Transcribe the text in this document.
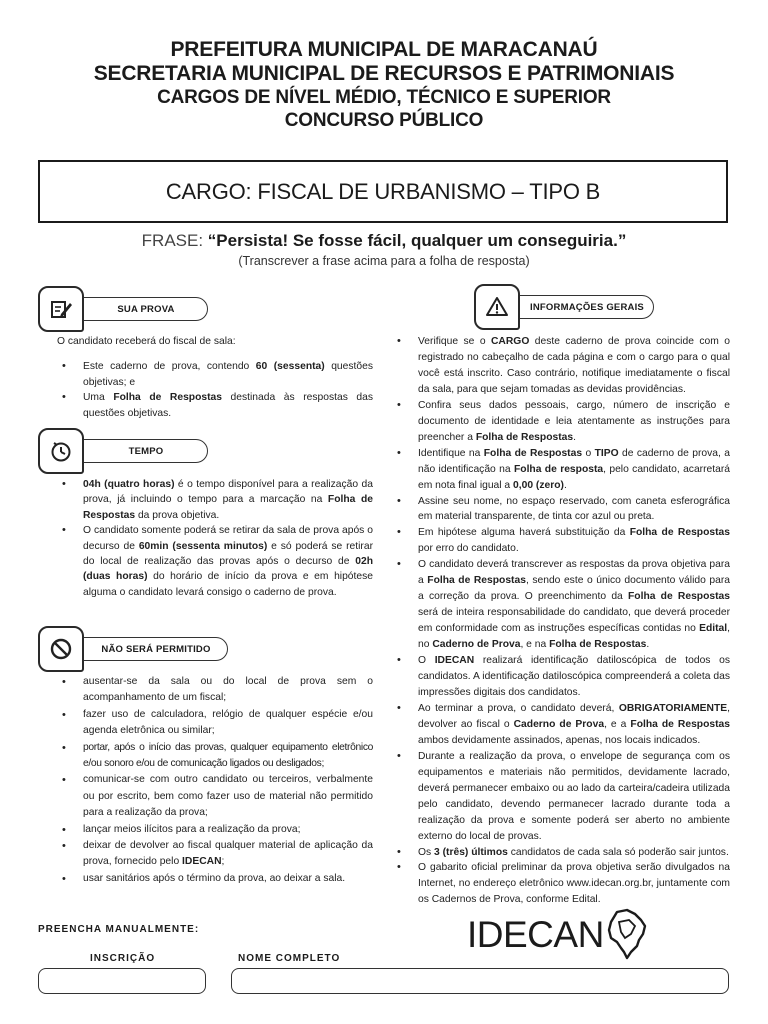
PREFEITURA MUNICIPAL DE MARACANAÚ
SECRETARIA MUNICIPAL DE RECURSOS E PATRIMONIAIS
CARGOS DE NÍVEL MÉDIO, TÉCNICO E SUPERIOR
CONCURSO PÚBLICO
CARGO: FISCAL DE URBANISMO – TIPO B
FRASE: “Persista! Se fosse fácil, qualquer um conseguiria.”
(Transcrever a frase acima para a folha de resposta)
SUA PROVA

O candidato receberá do fiscal de sala:

• Este caderno de prova, contendo 60 (sessenta) questões objetivas; e
• Uma Folha de Respostas destinada às respostas das questões objetivas.
TEMPO
• 04h (quatro horas) é o tempo disponível para a realização da prova, já incluindo o tempo para a marcação na Folha de Respostas da prova objetiva.
• O candidato somente poderá se retirar da sala de prova após o decurso de 60min (sessenta minutos) e só poderá se retirar do local de realização das provas após o decurso de 02h (duas horas) do horário de início da prova e em hipótese alguma o candidato levará consigo o caderno de prova.
NÃO SERÁ PERMITIDO
• ausentar-se da sala ou do local de prova sem o acompanhamento de um fiscal;
• fazer uso de calculadora, relógio de qualquer espécie e/ou agenda eletrônica ou similar;
• portar, após o início das provas, qualquer equipamento eletrônico e/ou sonoro e/ou de comunicação ligados ou desligados;
• comunicar-se com outro candidato ou terceiros, verbalmente ou por escrito, bem como fazer uso de material não permitido para a realização da prova;
• lançar meios ilícitos para a realização da prova;
• deixar de devolver ao fiscal qualquer material de aplicação da prova, fornecido pelo IDECAN;
• usar sanitários após o término da prova, ao deixar a sala.
INFORMAÇÕES GERAIS
• Verifique se o CARGO deste caderno de prova coincide com o registrado no cabeçalho de cada página e com o cargo para o qual você está inscrito. Caso contrário, notifique imediatamente o fiscal da sala, para que sejam tomadas as devidas providências.
• Confira seus dados pessoais, cargo, número de inscrição e documento de identidade e leia atentamente as instruções para preencher a Folha de Respostas.
• Identifique na Folha de Respostas o TIPO de caderno de prova, a não identificação na Folha de resposta, pelo candidato, acarretará em nota final igual a 0,00 (zero).
• Assine seu nome, no espaço reservado, com caneta esferográfica em material transparente, de tinta cor azul ou preta.
• Em hipótese alguma haverá substituição da Folha de Respostas por erro do candidato.
• O candidato deverá transcrever as respostas da prova objetiva para a Folha de Respostas, sendo este o único documento válido para a correção da prova. O preenchimento da Folha de Respostas será de inteira responsabilidade do candidato, que deverá proceder em conformidade com as instruções específicas contidas no Edital, no Caderno de Prova, e na Folha de Respostas.
• O IDECAN realizará identificação datiloscópica de todos os candidatos. A identificação datiloscópica compreenderá a coleta das impressões digitais dos candidatos.
• Ao terminar a prova, o candidato deverá, OBRIGATORIAMENTE, devolver ao fiscal o Caderno de Prova, e a Folha de Respostas ambos devidamente assinados, apenas, nos locais indicados.
• Durante a realização da prova, o envelope de segurança com os equipamentos e materiais não permitidos, devidamente lacrado, deverá permanecer embaixo ou ao lado da carteira/cadeira utilizada pelo candidato, devendo permanecer lacrado durante toda a realização da prova e somente poderá ser aberto no ambiente externo do local de provas.
• Os 3 (três) últimos candidatos de cada sala só poderão sair juntos.
• O gabarito oficial preliminar da prova objetiva serão divulgados na Internet, no endereço eletrônico www.idecan.org.br, juntamente com os Cadernos de Prova, conforme Edital.
PREENCHA MANUALMENTE:
INSCRIÇÃO	NOME COMPLETO
IDECAN
